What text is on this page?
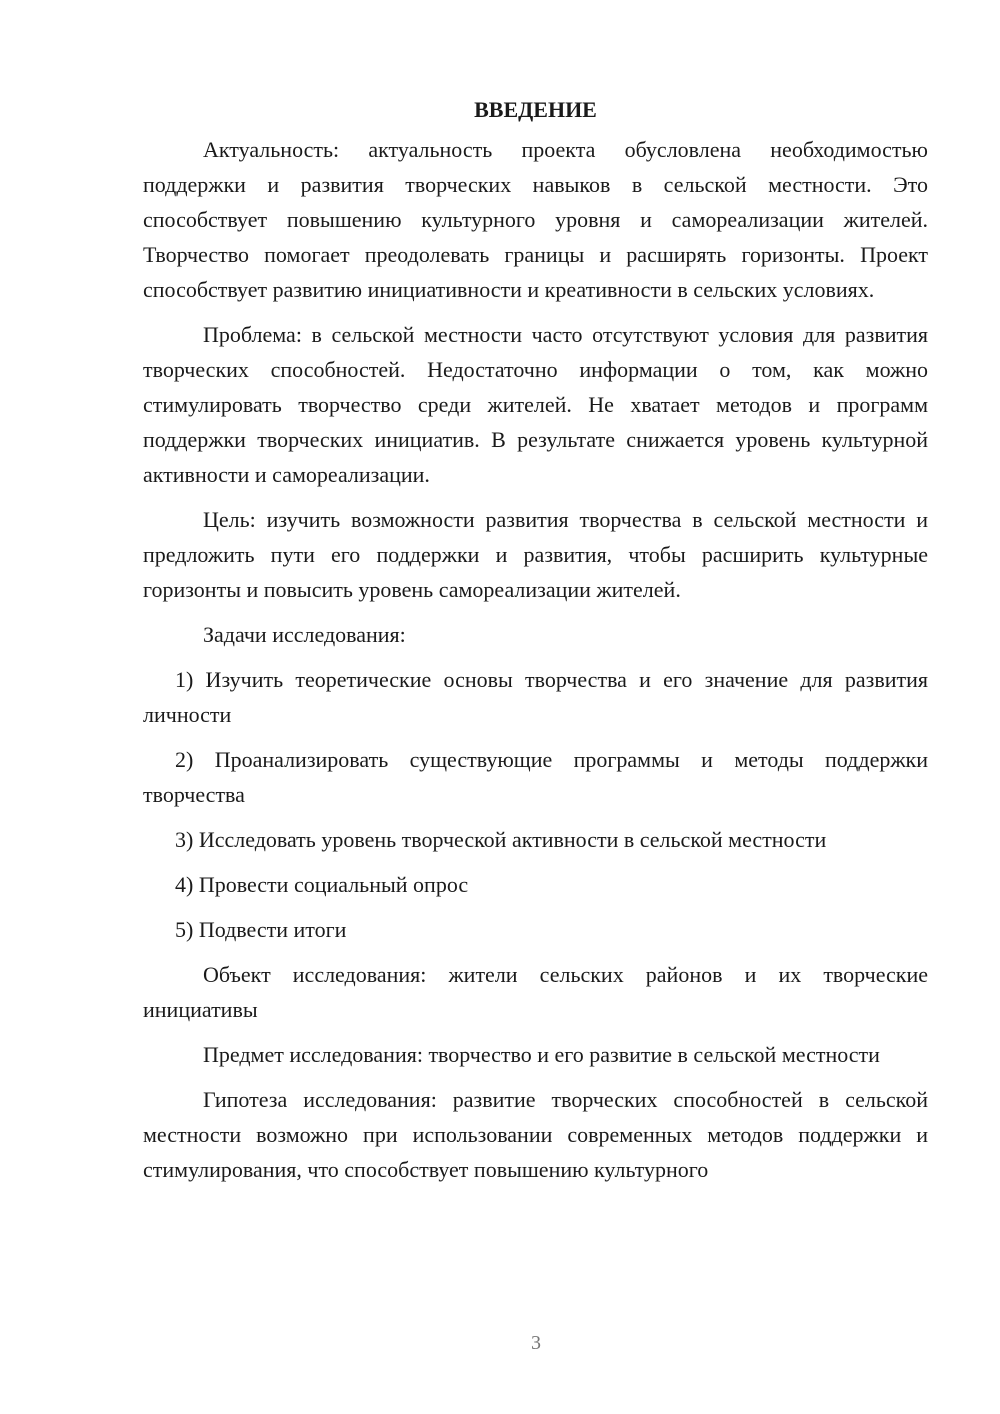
ВВЕДЕНИЕ

Актуальность: актуальность проекта обусловлена необходимостью поддержки и развития творческих навыков в сельской местности. Это способствует повышению культурного уровня и самореализации жителей. Творчество помогает преодолевать границы и расширять горизонты. Проект способствует развитию инициативности и креативности в сельских условиях.

Проблема: в сельской местности часто отсутствуют условия для развития творческих способностей. Недостаточно информации о том, как можно стимулировать творчество среди жителей. Не хватает методов и программ поддержки творческих инициатив. В результате снижается уровень культурной активности и самореализации.

Цель: изучить возможности развития творчества в сельской местности и предложить пути его поддержки и развития, чтобы расширить культурные горизонты и повысить уровень самореализации жителей.

Задачи исследования:

1) Изучить теоретические основы творчества и его значение для развития личности

2) Проанализировать существующие программы и методы поддержки творчества

3) Исследовать уровень творческой активности в сельской местности

4) Провести социальный опрос

5) Подвести итоги

Объект исследования: жители сельских районов и их творческие инициативы

Предмет исследования: творчество и его развитие в сельской местности

Гипотеза исследования: развитие творческих способностей в сельской местности возможно при использовании современных методов поддержки и стимулирования, что способствует повышению культурного

3
